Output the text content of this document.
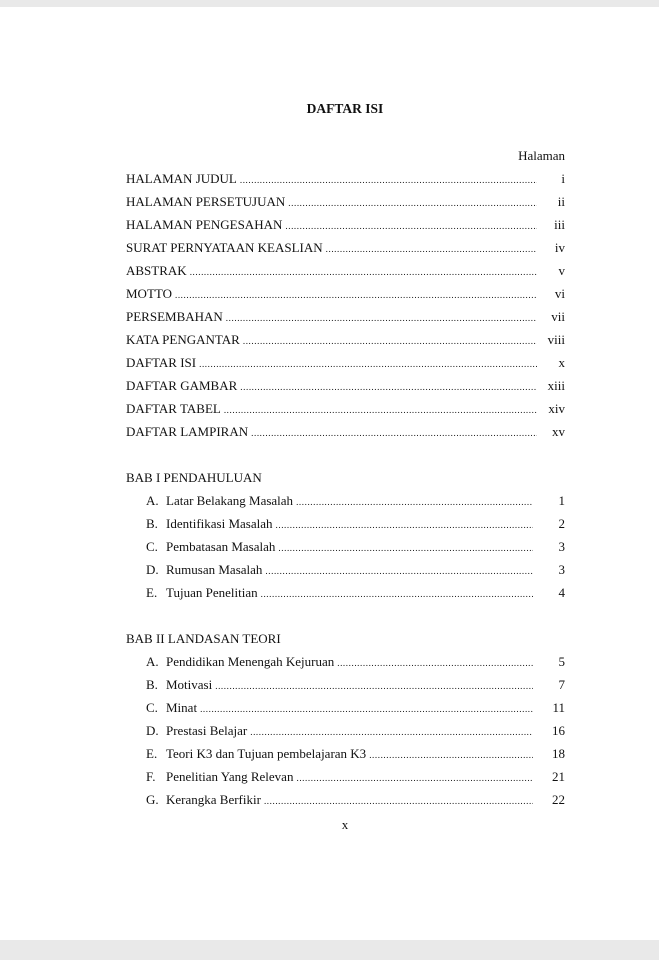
DAFTAR ISI
Halaman
HALAMAN JUDUL .....	i
HALAMAN PERSETUJUAN .....	ii
HALAMAN PENGESAHAN .....	iii
SURAT PERNYATAAN KEASLIAN .....	iv
ABSTRAK .....	v
MOTTO .....	vi
PERSEMBAHAN .....	vii
KATA PENGANTAR .....	viii
DAFTAR ISI .....	x
DAFTAR GAMBAR .....	xiii
DAFTAR TABEL .....	xiv
DAFTAR LAMPIRAN .....	xv
BAB I PENDAHULUAN
A. Latar Belakang Masalah .....	1
B. Identifikasi Masalah .....	2
C. Pembatasan Masalah .....	3
D. Rumusan Masalah .....	3
E. Tujuan Penelitian .....	4
BAB II LANDASAN TEORI
A. Pendidikan Menengah Kejuruan .....	5
B. Motivasi .....	7
C. Minat .....	11
D. Prestasi Belajar .....	16
E. Teori K3 dan Tujuan pembelajaran K3 .....	18
F. Penelitian Yang Relevan .....	21
G. Kerangka Berfikir .....	22
x
